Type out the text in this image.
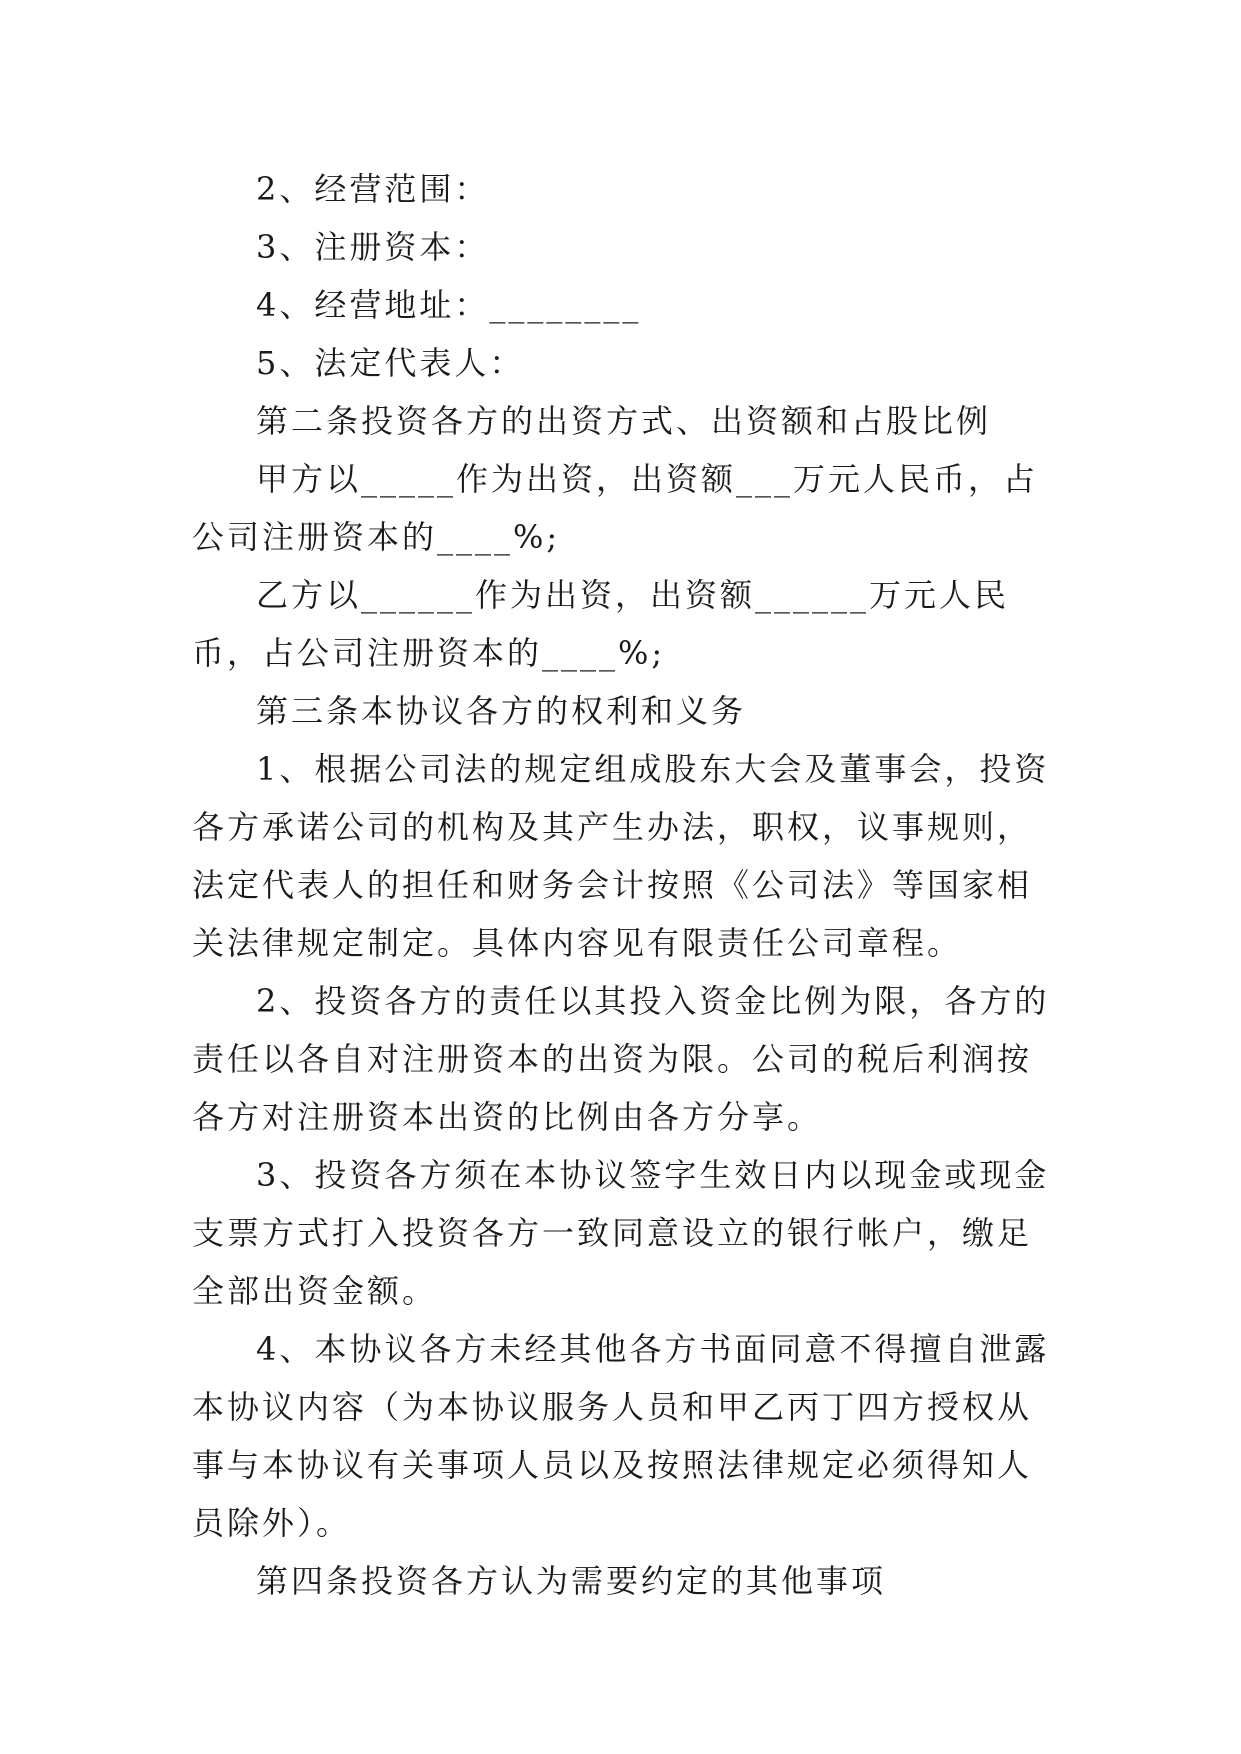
2、经营范围：

3、注册资本：

4、经营地址：________

5、法定代表人：

第二条投资各方的出资方式、出资额和占股比例

甲方以_____作为出资，出资额___万元人民币，占公司注册资本的____%;

乙方以______作为出资，出资额______万元人民币，占公司注册资本的____%;

第三条本协议各方的权利和义务

1、根据公司法的规定组成股东大会及董事会，投资各方承诺公司的机构及其产生办法，职权，议事规则，法定代表人的担任和财务会计按照《公司法》等国家相关法律规定制定。具体内容见有限责任公司章程。

2、投资各方的责任以其投入资金比例为限，各方的责任以各自对注册资本的出资为限。公司的税后利润按各方对注册资本出资的比例由各方分享。

3、投资各方须在本协议签字生效日内以现金或现金支票方式打入投资各方一致同意设立的银行帐户，缴足全部出资金额。

4、本协议各方未经其他各方书面同意不得擅自泄露本协议内容（为本协议服务人员和甲乙丙丁四方授权从事与本协议有关事项人员以及按照法律规定必须得知人员除外）。

第四条投资各方认为需要约定的其他事项
